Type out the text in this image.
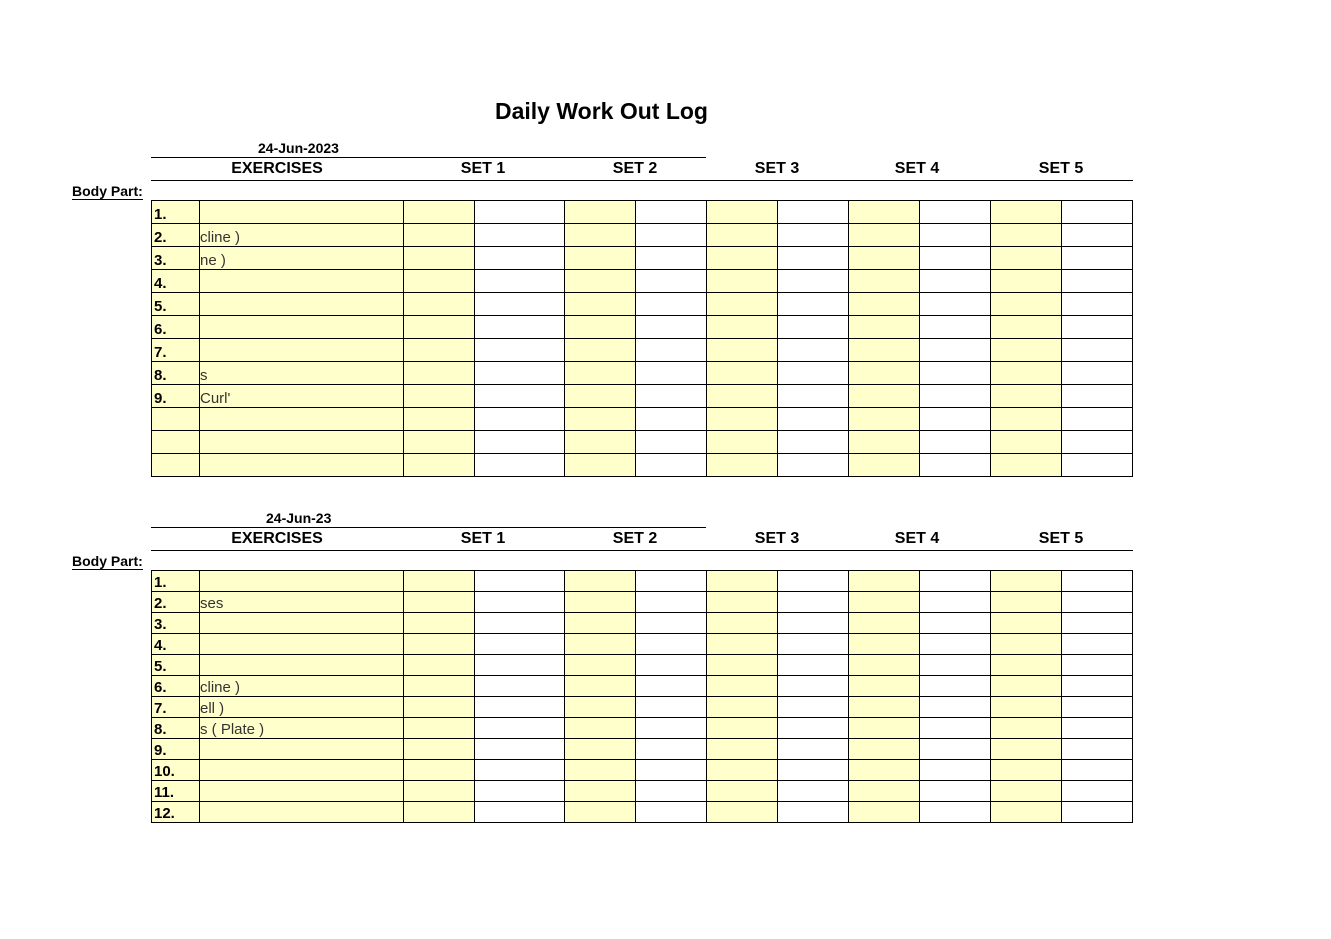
Daily Work Out Log
24-Jun-2023
EXERCISES	SET 1	SET 2	SET 3	SET 4	SET 5
Body Part:
1.											
2.	cline )										
3.	ne )										
4.											
5.											
6.											
7.											
8.	s										
9.	Curl'										

24-Jun-23
EXERCISES	SET 1	SET 2	SET 3	SET 4	SET 5
Body Part:
1.											
2.	ses										
3.											
4.											
5.											
6.	cline )										
7.	ell )										
8.	s ( Plate )										
9.											
10.											
11.											
12.											
